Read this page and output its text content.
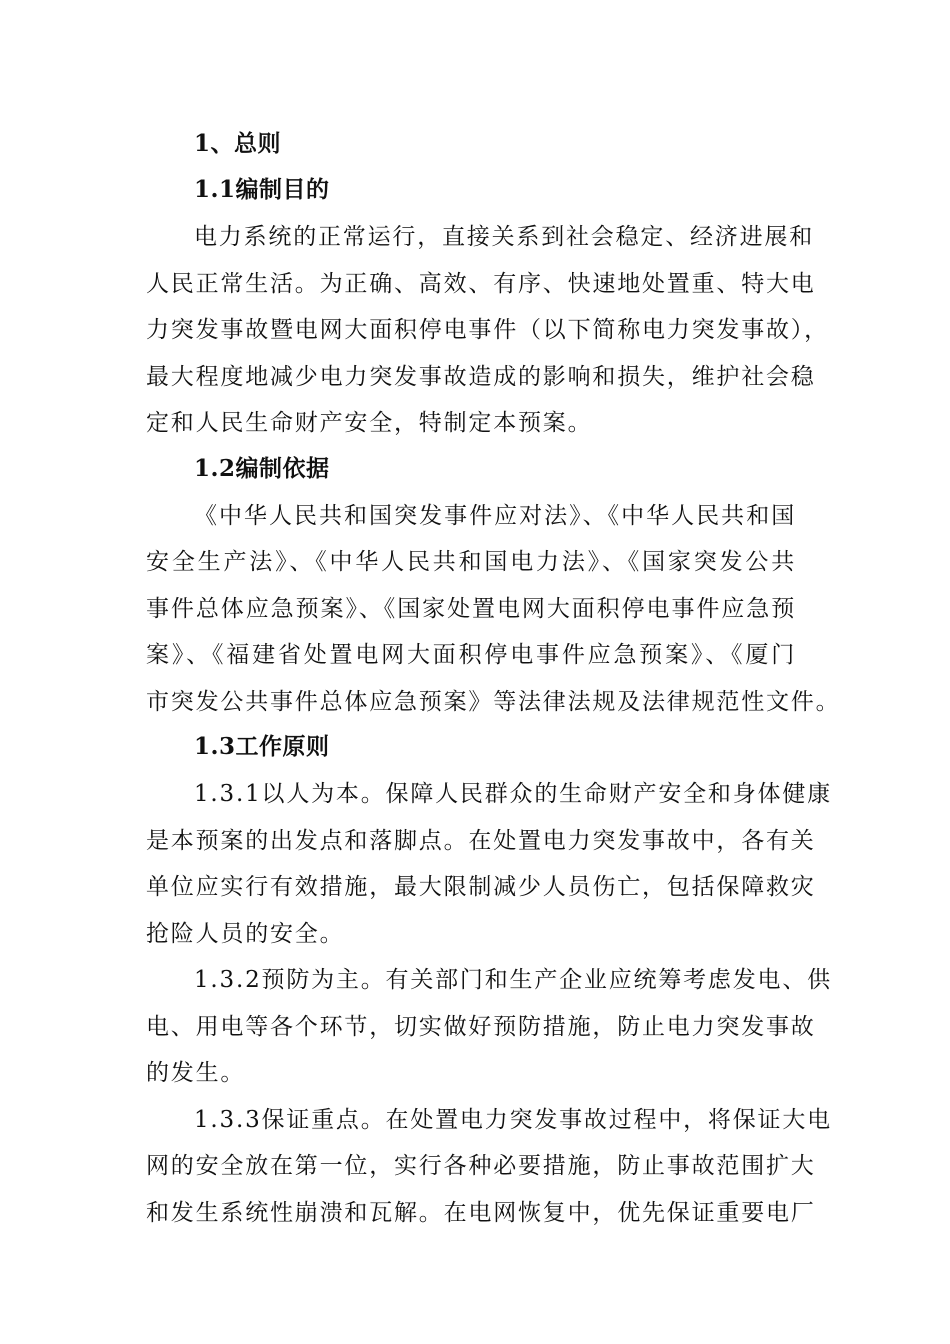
1、总则
1.1编制目的
电力系统的正常运行，直接关系到社会稳定、经济进展和
人民正常生活。为正确、高效、有序、快速地处置重、特大电
力突发事故暨电网大面积停电事件（以下简称电力突发事故），
最大程度地减少电力突发事故造成的影响和损失，维护社会稳
定和人民生命财产安全，特制定本预案。
1.2编制依据
《中华人民共和国突发事件应对法》、《中华人民共和国
安全生产法》、《中华人民共和国电力法》、《国家突发公共
事件总体应急预案》、《国家处置电网大面积停电事件应急预
案》、《福建省处置电网大面积停电事件应急预案》、《厦门
市突发公共事件总体应急预案》等法律法规及法律规范性文件。
1.3工作原则
1.3.1以人为本。保障人民群众的生命财产安全和身体健康
是本预案的出发点和落脚点。在处置电力突发事故中，各有关
单位应实行有效措施，最大限制减少人员伤亡，包括保障救灾
抢险人员的安全。
1.3.2预防为主。有关部门和生产企业应统筹考虑发电、供
电、用电等各个环节，切实做好预防措施，防止电力突发事故
的发生。
1.3.3保证重点。在处置电力突发事故过程中，将保证大电
网的安全放在第一位，实行各种必要措施，防止事故范围扩大
和发生系统性崩溃和瓦解。在电网恢复中，优先保证重要电厂
